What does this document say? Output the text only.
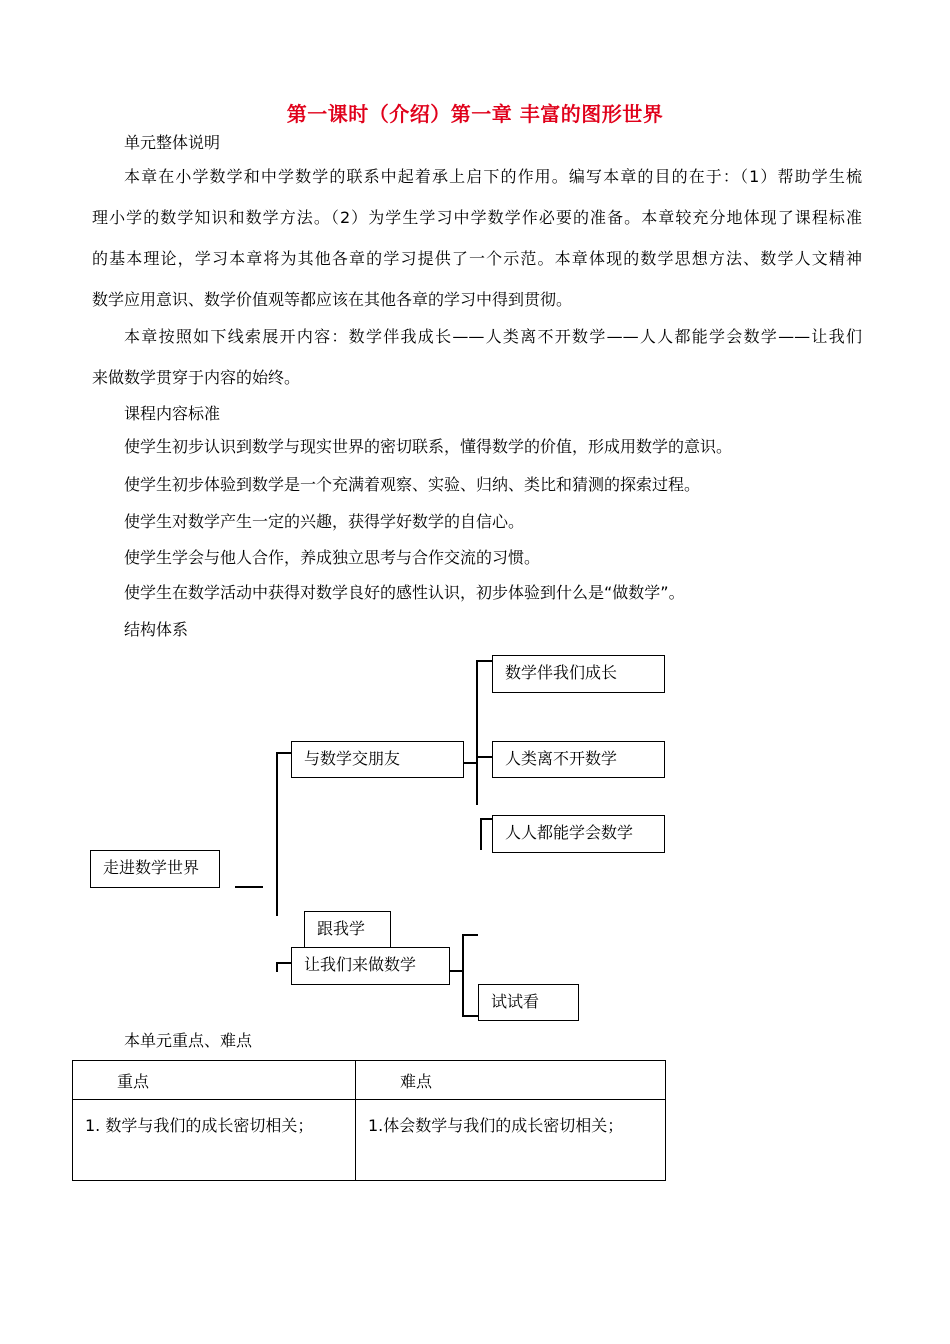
第一课时（介绍）第一章 丰富的图形世界
单元整体说明
本章在小学数学和中学数学的联系中起着承上启下的作用。编写本章的目的在于：（1）帮助学生梳
理小学的数学知识和数学方法。（2）为学生学习中学数学作必要的准备。本章较充分地体现了课程标准
的基本理论，学习本章将为其他各章的学习提供了一个示范。本章体现的数学思想方法、数学人文精神
数学应用意识、数学价值观等都应该在其他各章的学习中得到贯彻。
本章按照如下线索展开内容：数学伴我成长——人类离不开数学——人人都能学会数学——让我们
来做数学贯穿于内容的始终。
课程内容标准
使学生初步认识到数学与现实世界的密切联系，懂得数学的价值，形成用数学的意识。
使学生初步体验到数学是一个充满着观察、实验、归纳、类比和猜测的探索过程。
使学生对数学产生一定的兴趣，获得学好数学的自信心。
使学生学会与他人合作，养成独立思考与合作交流的习惯。
使学生在数学活动中获得对数学良好的感性认识，初步体验到什么是“做数学”。
结构体系
走进数学世界
与数学交朋友
数学伴我们成长
人类离不开数学
人人都能学会数学
让我们来做数学
跟我学
试试看
本单元重点、难点
重点	难点

1. 数学与我们的成长密切相关；	1.体会数学与我们的成长密切相关；
